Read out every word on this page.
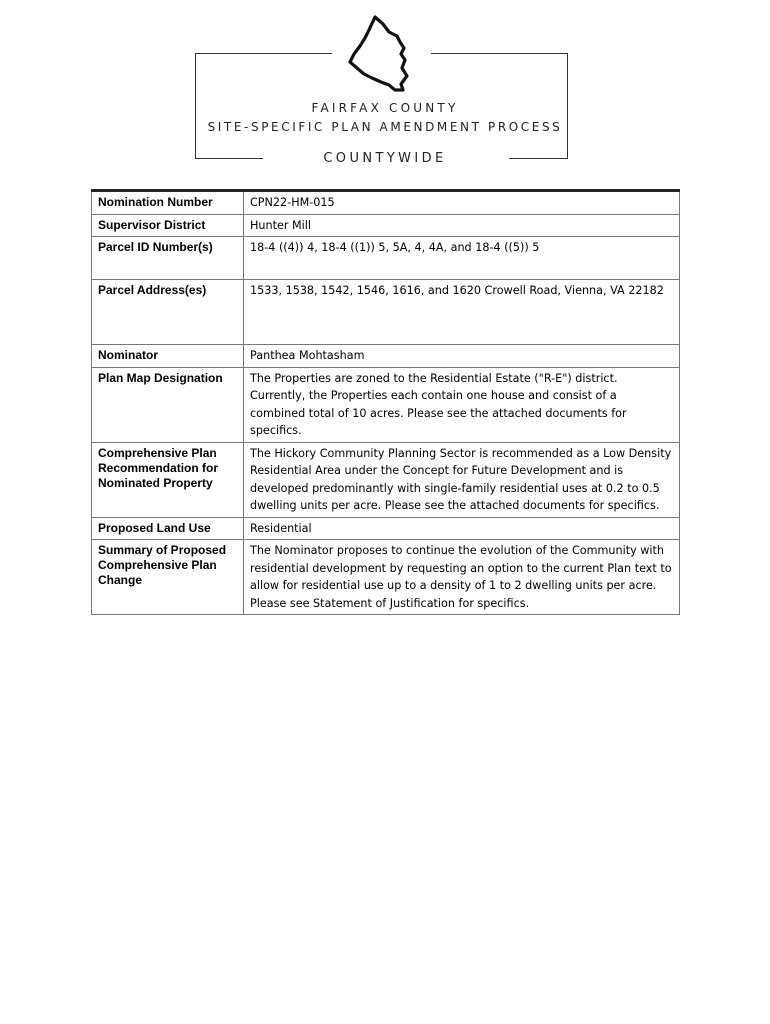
FAIRFAX COUNTY
SITE-SPECIFIC PLAN AMENDMENT PROCESS
COUNTYWIDE
Nomination Number	CPN22-HM-015
Supervisor District	Hunter Mill
Parcel ID Number(s)	18-4 ((4)) 4, 18-4 ((1)) 5, 5A, 4, 4A, and 18-4 ((5)) 5
Parcel Address(es)	1533, 1538, 1542, 1546, 1616, and 1620 Crowell Road, Vienna, VA 22182
Nominator	Panthea Mohtasham
Plan Map Designation	The Properties are zoned to the Residential Estate ("R-E") district. Currently, the Properties each contain one house and consist of a combined total of 10 acres. Please see the attached documents for specifics.
Comprehensive Plan Recommendation for Nominated Property	The Hickory Community Planning Sector is recommended as a Low Density Residential Area under the Concept for Future Development and is developed predominantly with single-family residential uses at 0.2 to 0.5 dwelling units per acre. Please see the attached documents for specifics.
Proposed Land Use	Residential
Summary of Proposed Comprehensive Plan Change	The Nominator proposes to continue the evolution of the Community with residential development by requesting an option to the current Plan text to allow for residential use up to a density of 1 to 2 dwelling units per acre. Please see Statement of Justification for specifics.
